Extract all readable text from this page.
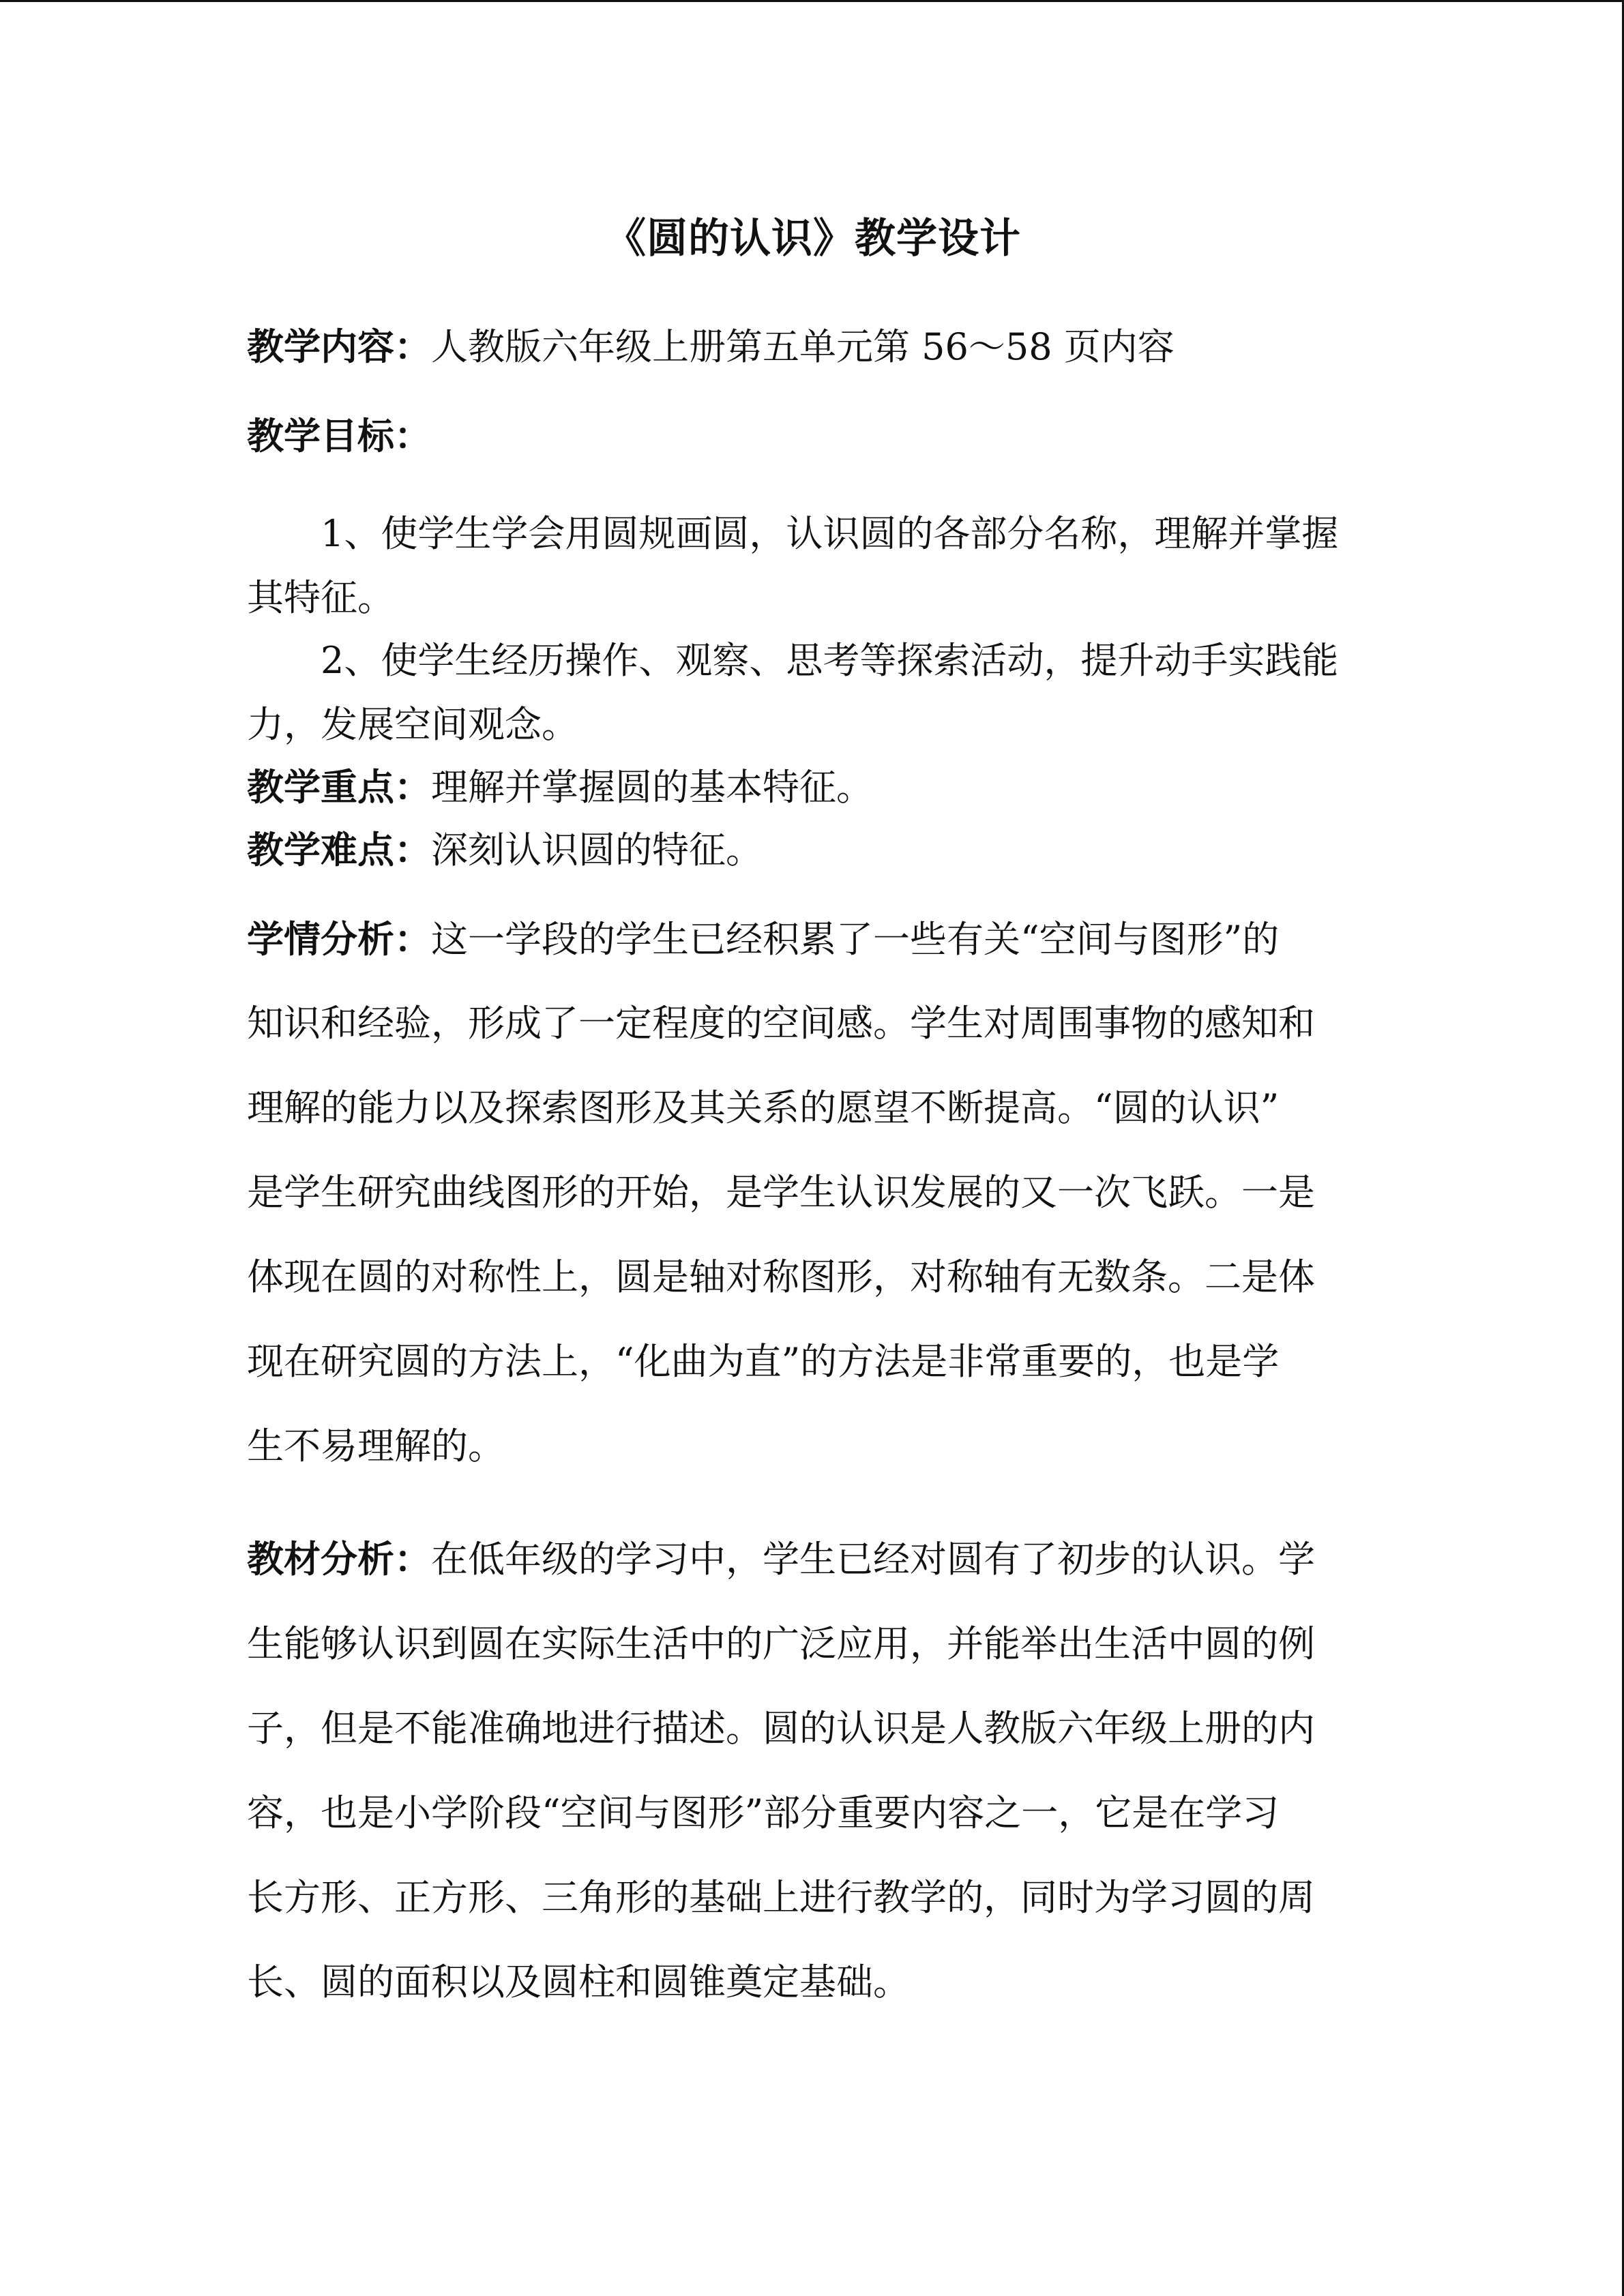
《圆的认识》教学设计
教学内容：人教版六年级上册第五单元第 56～58 页内容
教学目标：
1、使学生学会用圆规画圆，认识圆的各部分名称，理解并掌握
其特征。
2、使学生经历操作、观察、思考等探索活动，提升动手实践能
力，发展空间观念。
教学重点：理解并掌握圆的基本特征。
教学难点：深刻认识圆的特征。
学情分析：这一学段的学生已经积累了一些有关“空间与图形”的
知识和经验，形成了一定程度的空间感。学生对周围事物的感知和
理解的能力以及探索图形及其关系的愿望不断提高。“圆的认识”
是学生研究曲线图形的开始，是学生认识发展的又一次飞跃。一是
体现在圆的对称性上，圆是轴对称图形，对称轴有无数条。二是体
现在研究圆的方法上，“化曲为直”的方法是非常重要的，也是学
生不易理解的。
教材分析：在低年级的学习中，学生已经对圆有了初步的认识。学
生能够认识到圆在实际生活中的广泛应用，并能举出生活中圆的例
子，但是不能准确地进行描述。圆的认识是人教版六年级上册的内
容，也是小学阶段“空间与图形”部分重要内容之一，它是在学习
长方形、正方形、三角形的基础上进行教学的，同时为学习圆的周
长、圆的面积以及圆柱和圆锥奠定基础。
